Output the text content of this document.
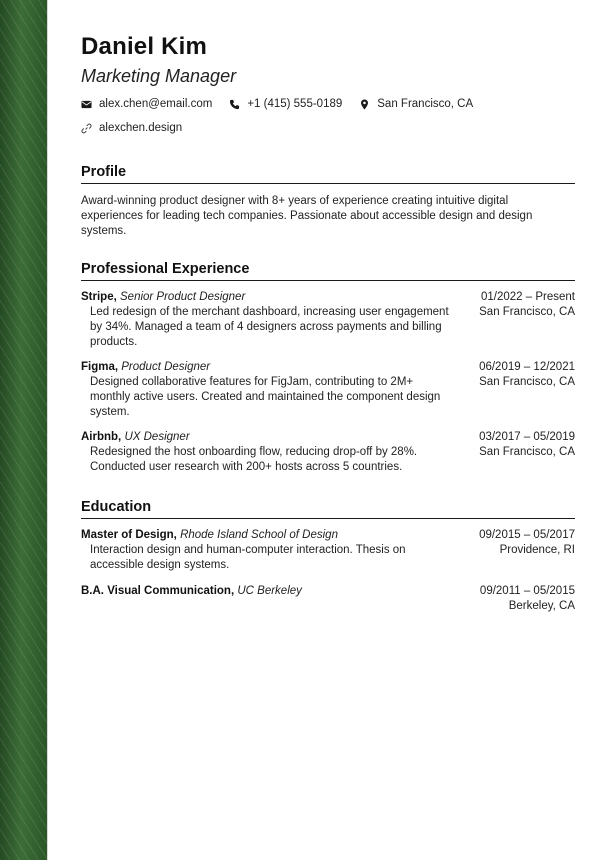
Daniel Kim
Marketing Manager
alex.chen@email.com	+1 (415) 555-0189	San Francisco, CA
alexchen.design
Profile
Award-winning product designer with 8+ years of experience creating intuitive digital experiences for leading tech companies. Passionate about accessible design and design systems.
Professional Experience
Stripe, Senior Product Designer	01/2022 – Present
Led redesign of the merchant dashboard, increasing user engagement by 34%. Managed a team of 4 designers across payments and billing products.
San Francisco, CA
Figma, Product Designer	06/2019 – 12/2021
Designed collaborative features for FigJam, contributing to 2M+ monthly active users. Created and maintained the component design system.
San Francisco, CA
Airbnb, UX Designer	03/2017 – 05/2019
Redesigned the host onboarding flow, reducing drop-off by 28%. Conducted user research with 200+ hosts across 5 countries.
San Francisco, CA
Education
Master of Design, Rhode Island School of Design	09/2015 – 05/2017
Interaction design and human-computer interaction. Thesis on accessible design systems.
Providence, RI
B.A. Visual Communication, UC Berkeley	09/2011 – 05/2015
Berkeley, CA
